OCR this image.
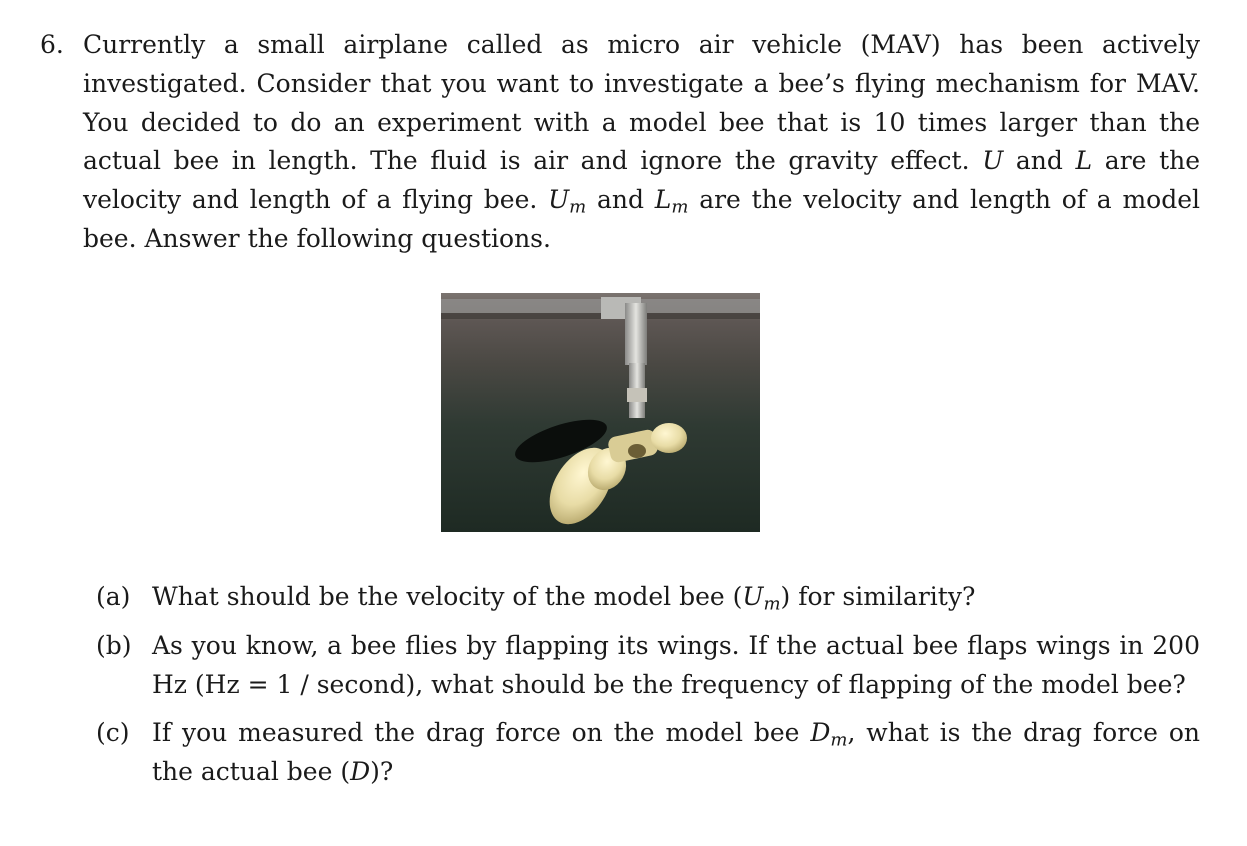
6. Currently a small airplane called as micro air vehicle (MAV) has been actively investigated. Consider that you want to investigate a bee’s flying mechanism for MAV. You decided to do an experiment with a model bee that is 10 times larger than the actual bee in length. The fluid is air and ignore the gravity effect. U and L are the velocity and length of a flying bee. $U_m$ and $L_m$ are the velocity and length of a model bee. Answer the following questions.
(a) What should be the velocity of the model bee $(U_m)$ for similarity?
(b) As you know, a bee flies by flapping its wings. If the actual bee flaps wings in 200 Hz (Hz = 1 / second), what should be the frequency of flapping of the model bee?
(c) If you measured the drag force on the model bee $D_m$, what is the drag force on the actual bee (D)?
